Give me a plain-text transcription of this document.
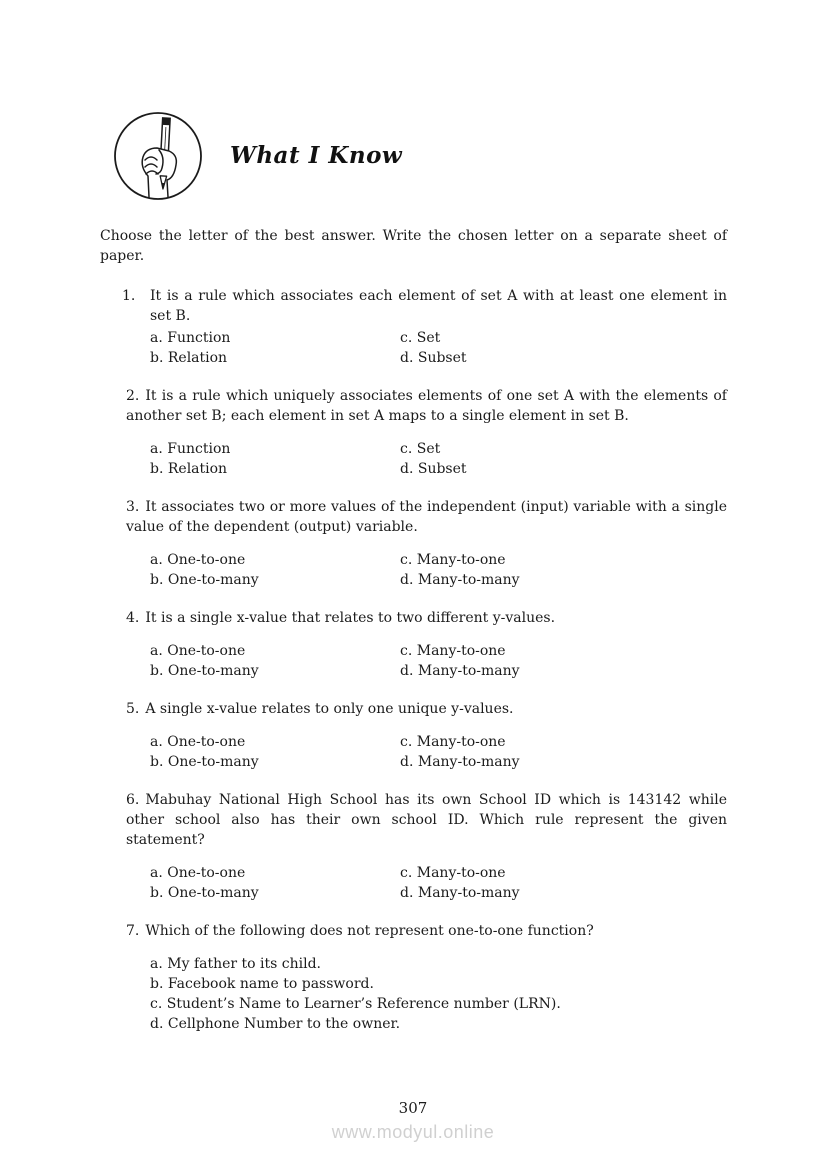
What I Know

Choose the letter of the best answer. Write the chosen letter on a separate sheet of paper.

1. It is a rule which associates each element of set A with at least one element in set B.
a. Function
b. Relation
c. Set
d. Subset
2. It is a rule which uniquely associates elements of one set A with the elements of another set B; each element in set A maps to a single element in set B.
a. Function
b. Relation
c. Set
d. Subset
3. It associates two or more values of the independent (input) variable with a single value of the dependent (output) variable.
a. One-to-one
b. One-to-many
c. Many-to-one
d. Many-to-many
4. It is a single x-value that relates to two different y-values.
a. One-to-one
b. One-to-many
c. Many-to-one
d. Many-to-many
5. A single x-value relates to only one unique y-values.
a. One-to-one
b. One-to-many
c. Many-to-one
d. Many-to-many
6. Mabuhay National High School has its own School ID which is 143142 while other school also has their own school ID. Which rule represent the given statement?
a. One-to-one
b. One-to-many
c. Many-to-one
d. Many-to-many
7. Which of the following does not represent one-to-one function?
a. My father to its child.
b. Facebook name to password.
c. Student’s Name to Learner’s Reference number (LRN).
d. Cellphone Number to the owner.
307
www.modyul.online
